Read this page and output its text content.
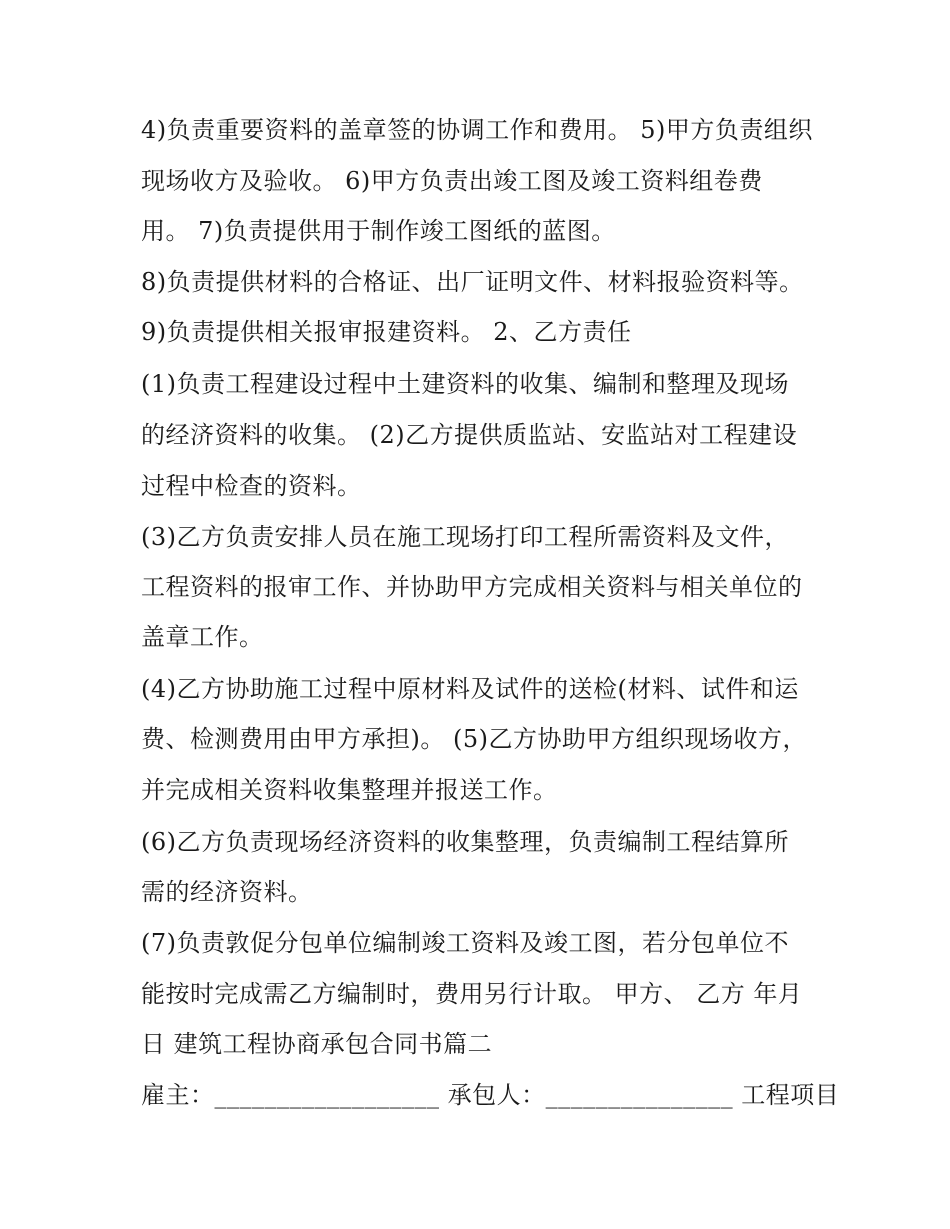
4)负责重要资料的盖章签的协调工作和费用。 5)甲方负责组织
现场收方及验收。 6)甲方负责出竣工图及竣工资料组卷费
用。 7)负责提供用于制作竣工图纸的蓝图。
8)负责提供材料的合格证、出厂证明文件、材料报验资料等。
9)负责提供相关报审报建资料。 2、乙方责任
(1)负责工程建设过程中土建资料的收集、编制和整理及现场
的经济资料的收集。 (2)乙方提供质监站、安监站对工程建设
过程中检查的资料。
(3)乙方负责安排人员在施工现场打印工程所需资料及文件，
工程资料的报审工作、并协助甲方完成相关资料与相关单位的
盖章工作。
(4)乙方协助施工过程中原材料及试件的送检(材料、试件和运
费、检测费用由甲方承担)。 (5)乙方协助甲方组织现场收方，
并完成相关资料收集整理并报送工作。
(6)乙方负责现场经济资料的收集整理，负责编制工程结算所
需的经济资料。
(7)负责敦促分包单位编制竣工资料及竣工图，若分包单位不
能按时完成需乙方编制时，费用另行计取。 甲方、 乙方 年月
日 建筑工程协商承包合同书篇二
雇主：__________________ 承包人：_______________ 工程项目
